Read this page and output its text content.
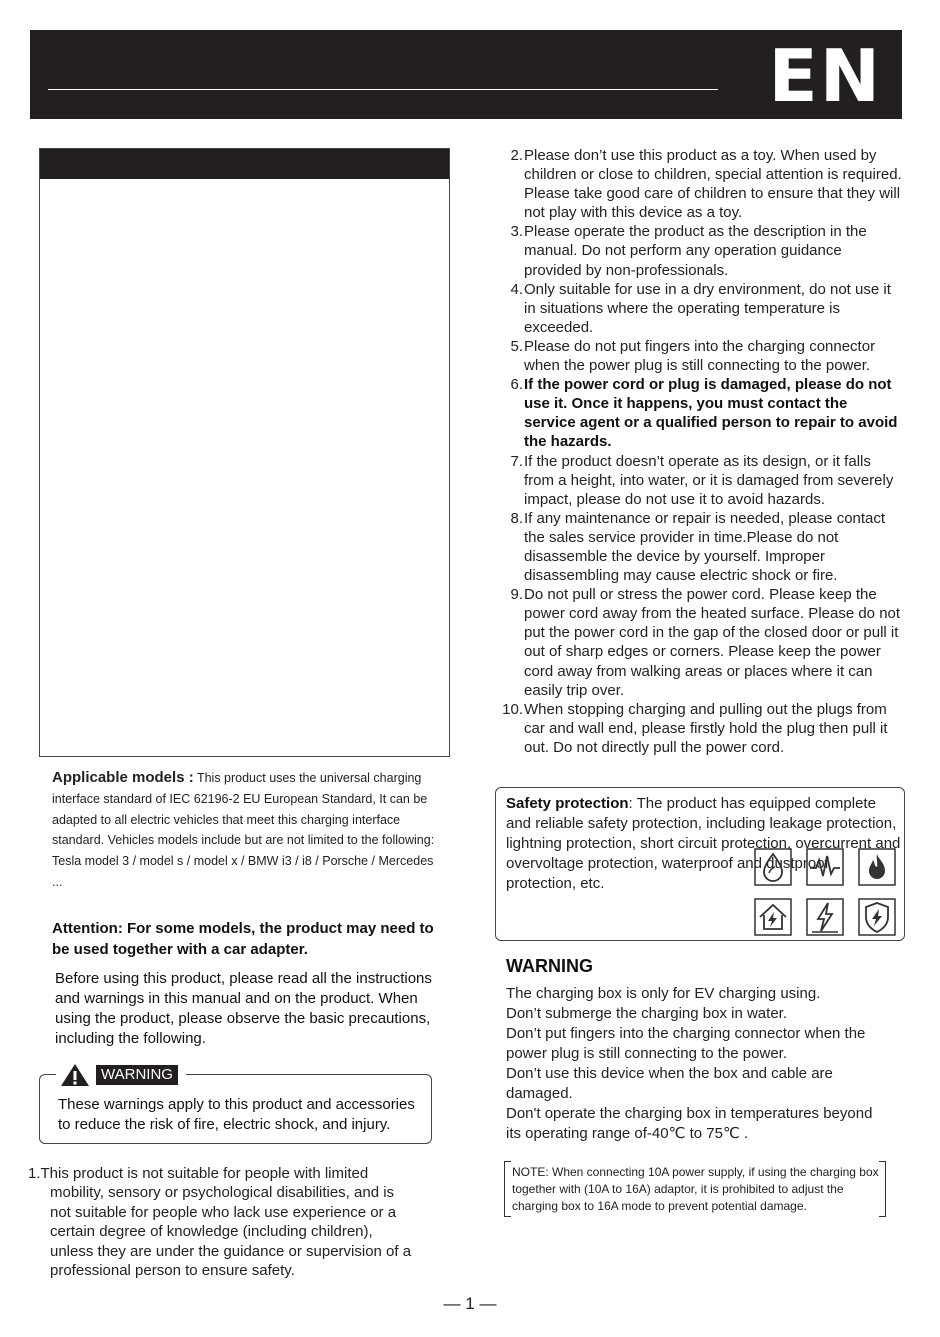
EN
Applicable models : This product uses the universal charging interface standard of IEC 62196-2 EU European Standard, It can be adapted to all electric vehicles that meet this charging interface standard. Vehicles models include but are not limited to the following:
Tesla model 3 / model s / model x / BMW i3 / i8 / Porsche / Mercedes ...
Attention: For some models, the product may need to be used together with a car adapter.
Before using this product, please read all the instructions and warnings in this manual and on the product. When using the product, please observe the basic precautions, including the following.
WARNING
These warnings apply to this product and accessories to reduce the risk of fire, electric shock, and injury.
1.This product is not suitable for people with limited
mobility, sensory or psychological disabilities, and is not suitable for people who lack use experience or a certain degree of knowledge (including children), unless they are under the guidance or supervision of a professional person to ensure safety.
2. Please don’t use this product as a toy. When used by children or close to children, special attention is required. Please take good care of children to ensure that they will not play with this device as a toy.
3. Please operate the product as the description in the manual. Do not perform any operation guidance provided by non-professionals.
4. Only suitable for use in a dry environment, do not use it in situations where the operating temperature is exceeded.
5. Please do not put fingers into the charging connector when the power plug is still connecting to the power.
6. If the power cord or plug is damaged, please do not use it. Once it happens, you must contact the service agent or a qualified person to repair to avoid the hazards.
7. If the product doesn’t operate as its design, or it falls from a height, into water, or it is damaged from severely impact, please do not use it to avoid hazards.
8. If any maintenance or repair is needed, please contact the sales service provider in time.Please do not disassemble the device by yourself. Improper disassembling may cause electric shock or fire.
9. Do not pull or stress the power cord. Please keep the power cord away from the heated surface. Please do not put the power cord in the gap of the closed door or pull it out of sharp edges or corners. Please keep the power cord away from walking areas or places where it can easily trip over.
10. When stopping charging and pulling out the plugs from car and wall end, please firstly hold the plug then pull it out. Do not directly pull the power cord.
Safety protection: The product has equipped complete and reliable safety protection, including leakage protection, lightning protection, short circuit protection, overcurrent and overvoltage protection, waterproof and dustproof protection, etc.
WARNING
The charging box is only for EV charging using.
Don’t submerge the charging box in water.
Don’t put fingers into the charging connector when the power plug is still connecting to the power.
Don’t use this device when the box and cable are damaged.
Don't operate the charging box in temperatures beyond its operating range of-40℃ to 75℃ .
NOTE: When connecting 10A power supply, if using the charging box together with (10A to 16A) adaptor, it is prohibited to adjust the charging box to 16A mode to prevent potential damage.
— 1 —
